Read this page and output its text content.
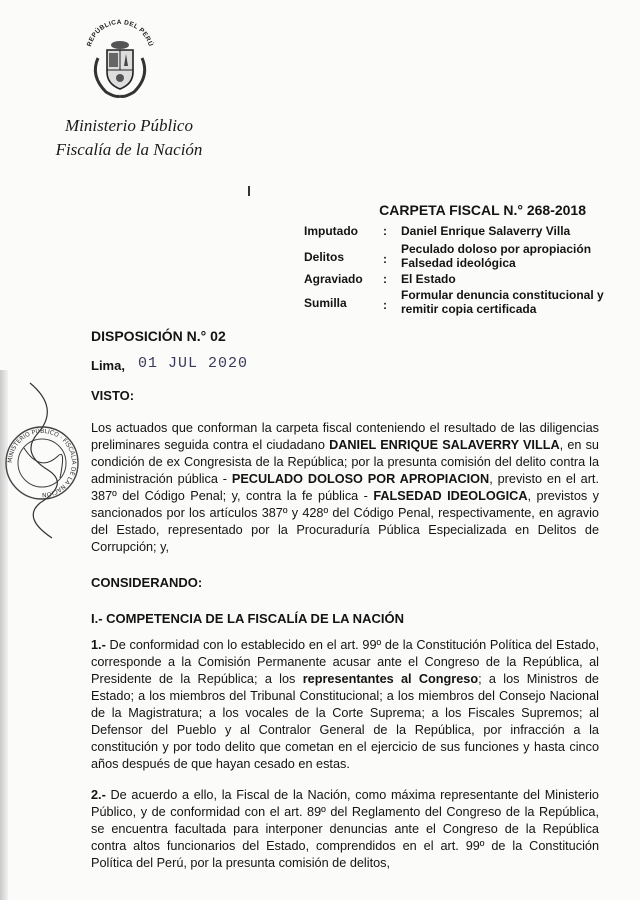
REPÚBLICA DEL PERÚ
Ministerio Público
Fiscalía de la Nación
CARPETA FISCAL N.° 268-2018
Imputado : Daniel Enrique Salaverry Villa
Delitos	:
Peculado doloso por apropiación Falsedad ideológica
Agraviado : El Estado
Sumilla	:
Formular denuncia constitucional y remitir copia certificada
DISPOSICIÓN N.° 02
Lima, 01 JUL 2020
VISTO:
Los actuados que conforman la carpeta fiscal conteniendo el resultado de las diligencias preliminares seguida contra el ciudadano DANIEL ENRIQUE SALAVERRY VILLA, en su condición de ex Congresista de la República; por la presunta comisión del delito contra la administración pública - PECULADO DOLOSO POR APROPIACION, previsto en el art. 387º del Código Penal; y, contra la fe pública - FALSEDAD IDEOLOGICA, previstos y sancionados por los artículos 387º y 428º del Código Penal, respectivamente, en agravio del Estado, representado por la Procuraduría Pública Especializada en Delitos de Corrupción; y,
CONSIDERANDO:
I.- COMPETENCIA DE LA FISCALÍA DE LA NACIÓN
1.- De conformidad con lo establecido en el art. 99º de la Constitución Política del Estado, corresponde a la Comisión Permanente acusar ante el Congreso de la República, al Presidente de la República; a los representantes al Congreso; a los Ministros de Estado; a los miembros del Tribunal Constitucional; a los miembros del Consejo Nacional de la Magistratura; a los vocales de la Corte Suprema; a los Fiscales Supremos; al Defensor del Pueblo y al Contralor General de la República, por infracción a la constitución y por todo delito que cometan en el ejercicio de sus funciones y hasta cinco años después de que hayan cesado en estas.
2.- De acuerdo a ello, la Fiscal de la Nación, como máxima representante del Ministerio Público, y de conformidad con el art. 89º del Reglamento del Congreso de la República, se encuentra facultada para interponer denuncias ante el Congreso de la República contra altos funcionarios del Estado, comprendidos en el art. 99º de la Constitución Política del Perú, por la presunta comisión de delitos,
MINISTERIO PÚBLICO · FISCALÍA DE LA NACIÓN
